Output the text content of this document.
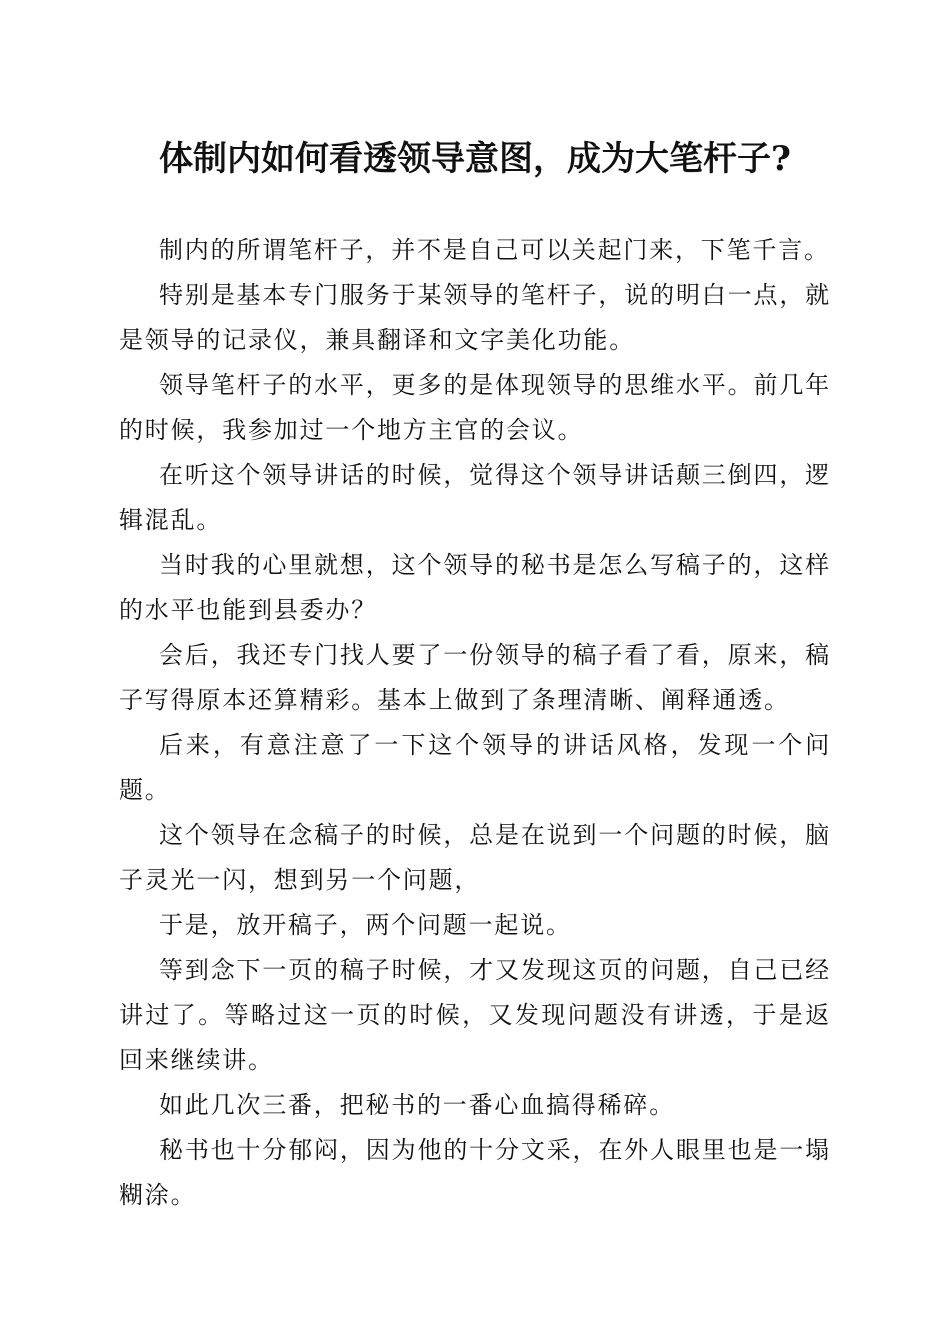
体制内如何看透领导意图，成为大笔杆子?

制内的所谓笔杆子，并不是自己可以关起门来，下笔千言。

特别是基本专门服务于某领导的笔杆子，说的明白一点，就是领导的记录仪，兼具翻译和文字美化功能。

领导笔杆子的水平，更多的是体现领导的思维水平。前几年的时候，我参加过一个地方主官的会议。

在听这个领导讲话的时候，觉得这个领导讲话颠三倒四，逻辑混乱。

当时我的心里就想，这个领导的秘书是怎么写稿子的，这样的水平也能到县委办？

会后，我还专门找人要了一份领导的稿子看了看，原来，稿子写得原本还算精彩。基本上做到了条理清晰、阐释通透。

后来，有意注意了一下这个领导的讲话风格，发现一个问题。

这个领导在念稿子的时候，总是在说到一个问题的时候，脑子灵光一闪，想到另一个问题，

于是，放开稿子，两个问题一起说。

等到念下一页的稿子时候，才又发现这页的问题，自己已经讲过了。等略过这一页的时候，又发现问题没有讲透，于是返回来继续讲。

如此几次三番，把秘书的一番心血搞得稀碎。

秘书也十分郁闷，因为他的十分文采，在外人眼里也是一塌糊涂。
